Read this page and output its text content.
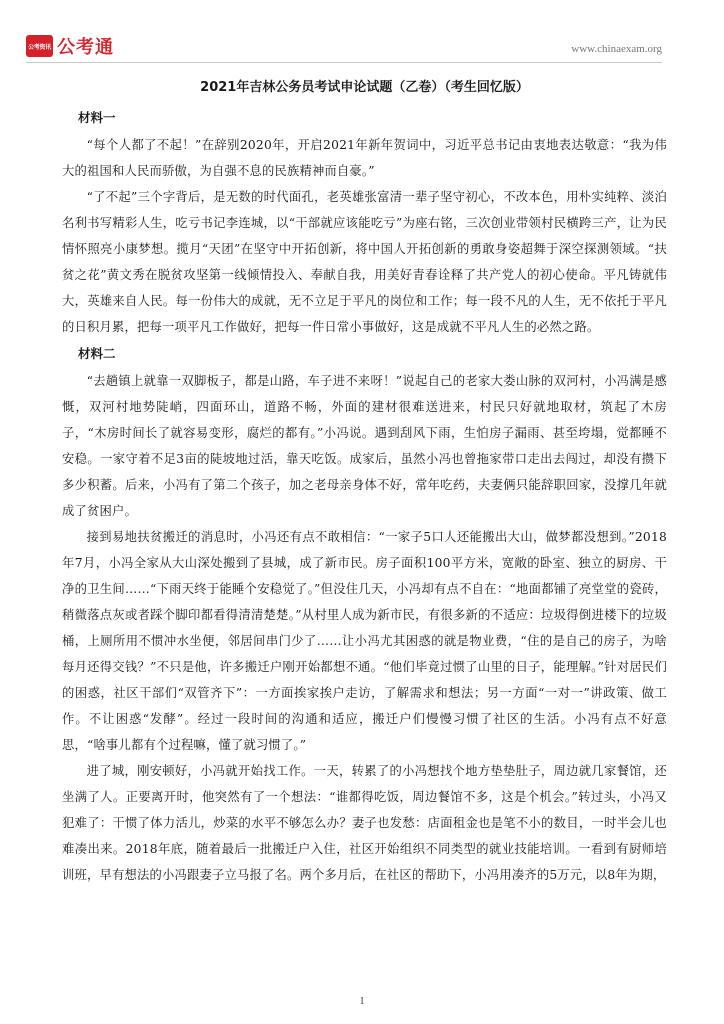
公考资讯 公考通	www.chinaexam.org
2021年吉林公务员考试申论试题（乙卷）（考生回忆版）
材料一

“每个人都了不起！”在辞别2020年，开启2021年新年贺词中，习近平总书记由衷地表达敬意：“我为伟大的祖国和人民而骄傲，为自强不息的民族精神而自豪。”

“了不起”三个字背后，是无数的时代面孔，老英雄张富清一辈子坚守初心，不改本色，用朴实纯粹、淡泊名利书写精彩人生，吃亏书记李连城，以“干部就应该能吃亏”为座右铭，三次创业带领村民横跨三产，让为民情怀照亮小康梦想。揽月“天团”在坚守中开拓创新，将中国人开拓创新的勇敢身姿超舞于深空探测领域。“扶贫之花”黄文秀在脱贫攻坚第一线倾情投入、奉献自我，用美好青春诠释了共产党人的初心使命。平凡铸就伟大，英雄来自人民。每一份伟大的成就，无不立足于平凡的岗位和工作；每一段不凡的人生，无不依托于平凡的日积月累，把每一项平凡工作做好，把每一件日常小事做好，这是成就不平凡人生的必然之路。

材料二

“去趟镇上就靠一双脚板子，都是山路，车子进不来呀！”说起自己的老家大娄山脉的双河村，小冯满是感慨，双河村地势陡峭，四面环山，道路不畅，外面的建材很难送进来，村民只好就地取材，筑起了木房子，“木房时间长了就容易变形，腐烂的都有。”小冯说。遇到刮风下雨，生怕房子漏雨、甚至垮塌，觉都睡不安稳。一家守着不足3亩的陡坡地过活，靠天吃饭。成家后，虽然小冯也曾拖家带口走出去闯过，却没有攒下多少积蓄。后来，小冯有了第二个孩子，加之老母亲身体不好，常年吃药，夫妻俩只能辞职回家，没撑几年就成了贫困户。

接到易地扶贫搬迁的消息时，小冯还有点不敢相信：“一家子5口人还能搬出大山，做梦都没想到。”2018年7月，小冯全家从大山深处搬到了县城，成了新市民。房子面积100平方米，宽敞的卧室、独立的厨房、干净的卫生间……“下雨天终于能睡个安稳觉了。”但没住几天，小冯却有点不自在：“地面都铺了亮堂堂的瓷砖，稍微落点灰或者踩个脚印都看得清清楚楚。”从村里人成为新市民，有很多新的不适应：垃圾得倒进楼下的垃圾桶，上厕所用不惯冲水坐便，邻居间串门少了……让小冯尤其困惑的就是物业费，“住的是自己的房子，为啥每月还得交钱？”不只是他，许多搬迁户刚开始都想不通。“他们毕竟过惯了山里的日子，能理解。”针对居民们的困惑，社区干部们“双管齐下”：一方面挨家挨户走访，了解需求和想法；另一方面“一对一”讲政策、做工作。不让困惑“发酵”。经过一段时间的沟通和适应，搬迁户们慢慢习惯了社区的生活。小冯有点不好意思，“啥事儿都有个过程嘛，懂了就习惯了。”

进了城，刚安顿好，小冯就开始找工作。一天，转累了的小冯想找个地方垫垫肚子，周边就几家餐馆，还坐满了人。正要离开时，他突然有了一个想法：“谁都得吃饭，周边餐馆不多，这是个机会。”转过头，小冯又犯难了：干惯了体力活儿，炒菜的水平不够怎么办？妻子也发愁：店面租金也是笔不小的数目，一时半会儿也难凑出来。2018年底，随着最后一批搬迁户入住，社区开始组织不同类型的就业技能培训。一看到有厨师培训班，早有想法的小冯跟妻子立马报了名。两个多月后，在社区的帮助下，小冯用凑齐的5万元，以8年为期，

1
